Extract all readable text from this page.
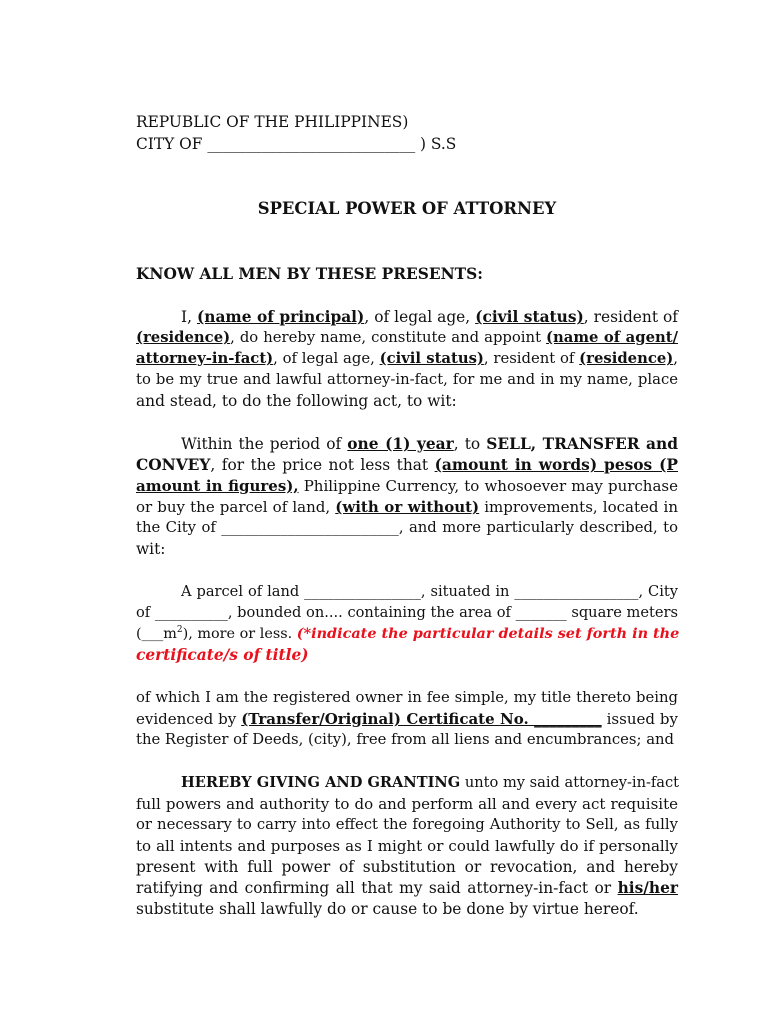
REPUBLIC OF THE PHILIPPINES)
CITY OF ___________________________ ) S.S
SPECIAL POWER OF ATTORNEY
KNOW ALL MEN BY THESE PRESENTS:
I, (name of principal), of legal age, (civil status), resident of
(residence), do hereby name, constitute and appoint (name of agent/
attorney-in-fact), of legal age, (civil status), resident of (residence),
to be my true and lawful attorney-in-fact, for me and in my name, place
and stead, to do the following act, to wit:
Within the period of one (1) year, to SELL, TRANSFER and
CONVEY, for the price not less that (amount in words) pesos (P
amount in figures), Philippine Currency, to whosoever may purchase
or buy the parcel of land, (with or without) improvements, located in
the City of ________________________, and more particularly described, to
wit:
A parcel of land ________________, situated in _________________, City
of __________, bounded on.... containing the area of _______ square meters
$(\_\_\_m^2)$, more or less. (*indicate the particular details set forth in the
certificate/s of title)
of which I am the registered owner in fee simple, my title thereto being
evidenced by (Transfer/Original) Certificate No. _________ issued by
the Register of Deeds, (city), free from all liens and encumbrances; and
HEREBY GIVING AND GRANTING unto my said attorney-in-fact
full powers and authority to do and perform all and every act requisite
or necessary to carry into effect the foregoing Authority to Sell, as fully
to all intents and purposes as I might or could lawfully do if personally
present with full power of substitution or revocation, and hereby
ratifying and confirming all that my said attorney-in-fact or his/her
substitute shall lawfully do or cause to be done by virtue hereof.
